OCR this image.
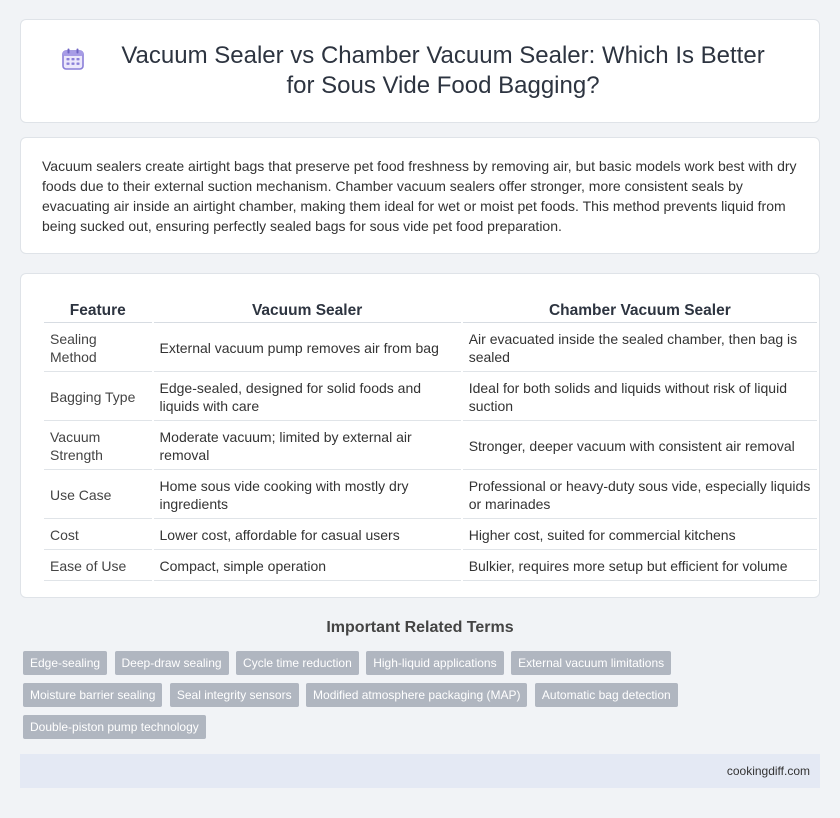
Vacuum Sealer vs Chamber Vacuum Sealer: Which Is Better for Sous Vide Food Bagging?

Vacuum sealers create airtight bags that preserve pet food freshness by removing air, but basic models work best with dry foods due to their external suction mechanism. Chamber vacuum sealers offer stronger, more consistent seals by evacuating air inside an airtight chamber, making them ideal for wet or moist pet foods. This method prevents liquid from being sucked out, ensuring perfectly sealed bags for sous vide pet food preparation.

Feature	Vacuum Sealer	Chamber Vacuum Sealer
Sealing Method	External vacuum pump removes air from bag	Air evacuated inside the sealed chamber, then bag is sealed
Bagging Type	Edge-sealed, designed for solid foods and liquids with care	Ideal for both solids and liquids without risk of liquid suction
Vacuum Strength	Moderate vacuum; limited by external air removal	Stronger, deeper vacuum with consistent air removal
Use Case	Home sous vide cooking with mostly dry ingredients	Professional or heavy-duty sous vide, especially liquids or marinades
Cost	Lower cost, affordable for casual users	Higher cost, suited for commercial kitchens
Ease of Use	Compact, simple operation	Bulkier, requires more setup but efficient for volume
Important Related Terms
Edge-sealing Deep-draw sealing Cycle time reduction High-liquid applications External vacuum limitations
Moisture barrier sealing Seal integrity sensors Modified atmosphere packaging (MAP) Automatic bag detection
Double-piston pump technology
cookingdiff.com
